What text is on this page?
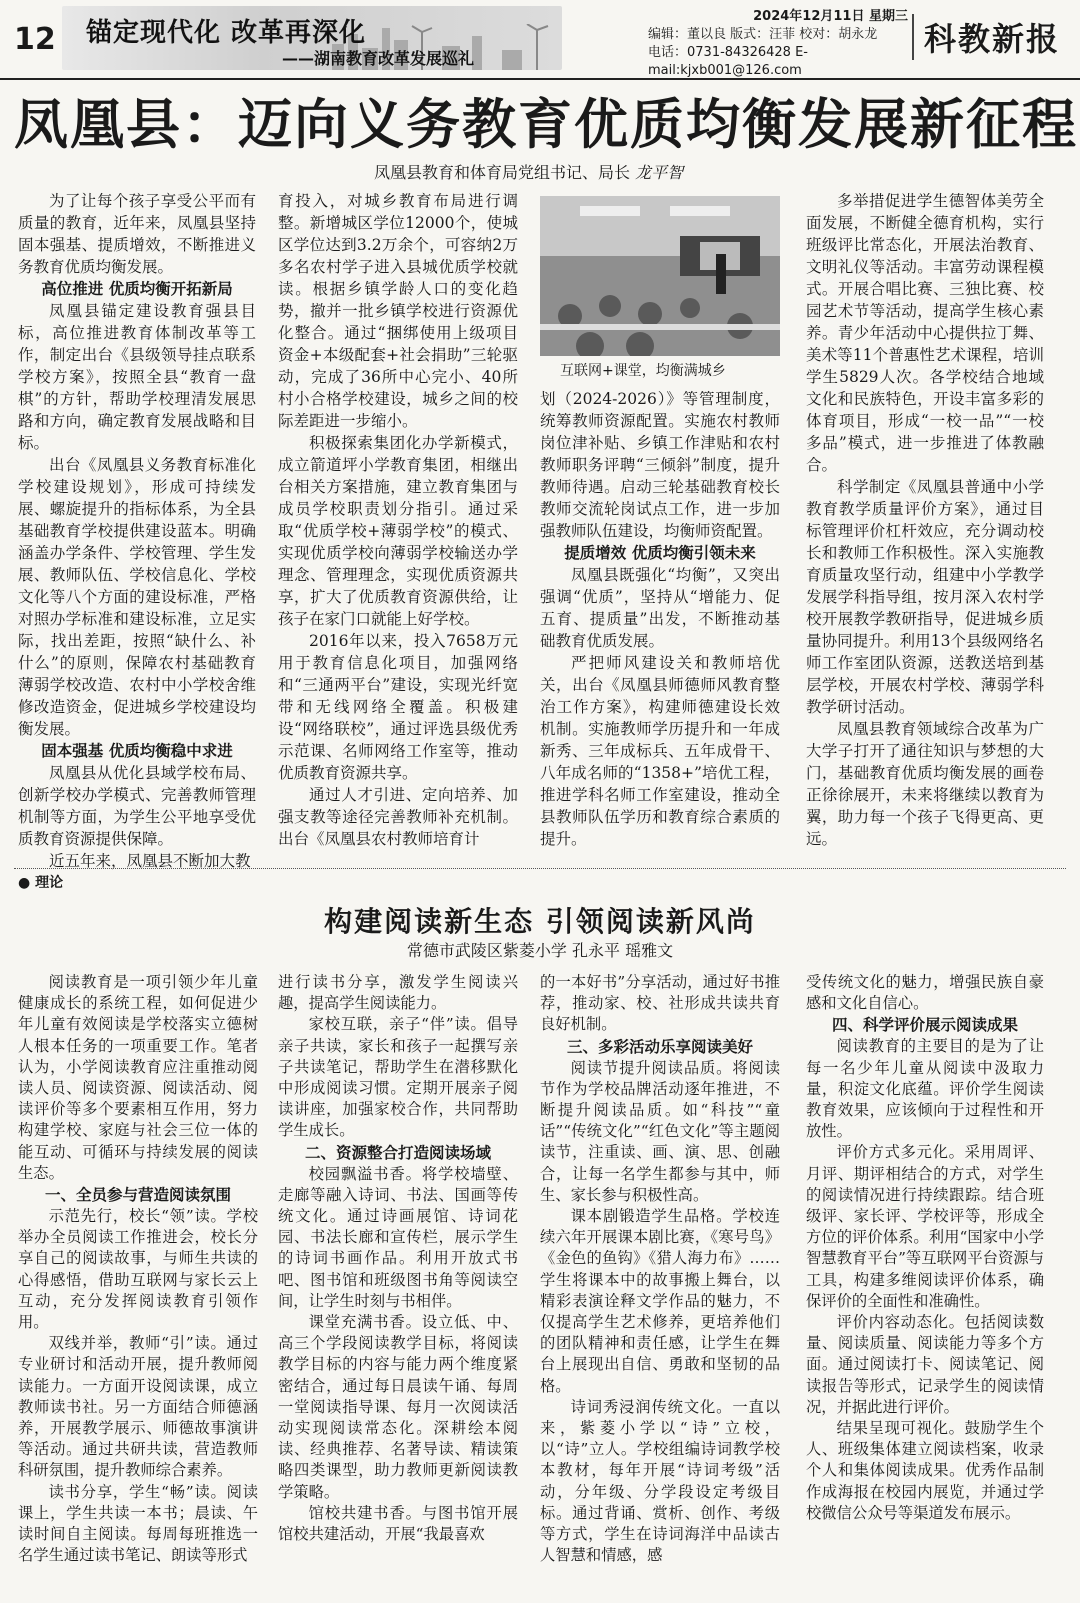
12 锚定现代化 改革再深化
——湖南教育改革发展巡礼
2024年12月11日 星期三
编辑：董以良 版式：汪菲 校对：胡永龙
电话：0731-84326428 E-mail:kjxb001@126.com
科教新报
凤凰县：迈向义务教育优质均衡发展新征程
凤凰县教育和体育局党组书记、局长 龙平智

为了让每个孩子享受公平而有质量的教育，近年来，凤凰县坚持固本强基、提质增效，不断推进义务教育优质均衡发展。

高位推进 优质均衡开拓新局

凤凰县锚定建设教育强县目标，高位推进教育体制改革等工作，制定出台《县级领导挂点联系学校方案》，按照全县“教育一盘棋”的方针，帮助学校理清发展思路和方向，确定教育发展战略和目标。

出台《凤凰县义务教育标准化学校建设规划》，形成可持续发展、螺旋提升的指标体系，为全县基础教育学校提供建设蓝本。明确涵盖办学条件、学校管理、学生发展、教师队伍、学校信息化、学校文化等八个方面的建设标准，严格对照办学标准和建设标准，立足实际，找出差距，按照“缺什么、补什么”的原则，保障农村基础教育薄弱学校改造、农村中小学校舍维修改造资金，促进城乡学校建设均衡发展。

固本强基 优质均衡稳中求进

凤凰县从优化县域学校布局、创新学校办学模式、完善教师管理机制等方面，为学生公平地享受优质教育资源提供保障。

近五年来，凤凰县不断加大教

育投入，对城乡教育布局进行调整。新增城区学位12000个，使城区学位达到3.2万余个，可容纳2万多名农村学子进入县城优质学校就读。根据乡镇学龄人口的变化趋势，撤并一批乡镇学校进行资源优化整合。通过“捆绑使用上级项目资金+本级配套+社会捐助”三轮驱动，完成了36所中心完小、40所村小合格学校建设，城乡之间的校际差距进一步缩小。

积极探索集团化办学新模式，成立箭道坪小学教育集团，相继出台相关方案措施，建立教育集团与成员学校职责划分指引。通过采取“优质学校+薄弱学校”的模式、实现优质学校向薄弱学校输送办学理念、管理理念，实现优质资源共享，扩大了优质教育资源供给，让孩子在家门口就能上好学校。

2016年以来，投入7658万元用于教育信息化项目，加强网络和“三通两平台”建设，实现光纤宽带和无线网络全覆盖。积极建设“网络联校”，通过评选县级优秀示范课、名师网络工作室等，推动优质教育资源共享。

通过人才引进、定向培养、加强支教等途径完善教师补充机制。出台《凤凰县农村教师培育计

互联网+课堂，均衡满城乡

划（2024-2026）》等管理制度，统筹教师资源配置。实施农村教师岗位津补贴、乡镇工作津贴和农村教师职务评聘“三倾斜”制度，提升教师待遇。启动三轮基础教育校长教师交流轮岗试点工作，进一步加强教师队伍建设，均衡师资配置。

提质增效 优质均衡引领未来

凤凰县既强化“均衡”，又突出强调“优质”，坚持从“增能力、促五育、提质量”出发，不断推动基础教育优质发展。

严把师风建设关和教师培优关，出台《凤凰县师德师风教育整治工作方案》，构建师德建设长效机制。实施教师学历提升和一年成新秀、三年成标兵、五年成骨干、八年成名师的“1358+”培优工程，推进学科名师工作室建设，推动全县教师队伍学历和教育综合素质的提升。

多举措促进学生德智体美劳全面发展，不断健全德育机构，实行班级评比常态化，开展法治教育、文明礼仪等活动。丰富劳动课程模式。开展合唱比赛、三独比赛、校园艺术节等活动，提高学生核心素养。青少年活动中心提供拉丁舞、美术等11个普惠性艺术课程，培训学生5829人次。各学校结合地域文化和民族特色，开设丰富多彩的体育项目，形成“一校一品”“一校多品”模式，进一步推进了体教融合。

科学制定《凤凰县普通中小学教育教学质量评价方案》，通过目标管理评价杠杆效应，充分调动校长和教师工作积极性。深入实施教育质量攻坚行动，组建中小学教学发展学科指导组，按月深入农村学校开展教学教研指导，促进城乡质量协同提升。利用13个县级网络名师工作室团队资源，送教送培到基层学校，开展农村学校、薄弱学科教学研讨活动。

凤凰县教育领域综合改革为广大学子打开了通往知识与梦想的大门，基础教育优质均衡发展的画卷正徐徐展开，未来将继续以教育为翼，助力每一个孩子飞得更高、更远。

● 理论
构建阅读新生态 引领阅读新风尚
常德市武陵区紫菱小学 孔永平 瑶雅文

阅读教育是一项引领少年儿童健康成长的系统工程，如何促进少年儿童有效阅读是学校落实立德树人根本任务的一项重要工作。笔者认为，小学阅读教育应注重推动阅读人员、阅读资源、阅读活动、阅读评价等多个要素相互作用，努力构建学校、家庭与社会三位一体的能互动、可循环与持续发展的阅读生态。

一、全员参与营造阅读氛围

示范先行，校长“领”读。学校举办全员阅读工作推进会，校长分享自己的阅读故事，与师生共读的心得感悟，借助互联网与家长云上互动，充分发挥阅读教育引领作用。

双线并举，教师“引”读。通过专业研讨和活动开展，提升教师阅读能力。一方面开设阅读课，成立教师读书社。另一方面结合师德涵养，开展教学展示、师德故事演讲等活动。通过共研共读，营造教师科研氛围，提升教师综合素养。

读书分享，学生“畅”读。阅读课上，学生共读一本书；晨读、午读时间自主阅读。每周每班推选一名学生通过读书笔记、朗读等形式

进行读书分享，激发学生阅读兴趣，提高学生阅读能力。

家校互联，亲子“伴”读。倡导亲子共读，家长和孩子一起撰写亲子共读笔记，帮助学生在潜移默化中形成阅读习惯。定期开展亲子阅读讲座，加强家校合作，共同帮助学生成长。

二、资源整合打造阅读场域

校园飘溢书香。将学校墙壁、走廊等融入诗词、书法、国画等传统文化。通过诗画展馆、诗词花园、书法长廊和宣传栏，展示学生的诗词书画作品。利用开放式书吧、图书馆和班级图书角等阅读空间，让学生时刻与书相伴。

课堂充满书香。设立低、中、高三个学段阅读教学目标，将阅读教学目标的内容与能力两个维度紧密结合，通过每日晨读午诵、每周一堂阅读指导课、每月一次阅读活动实现阅读常态化。深耕绘本阅读、经典推荐、名著导读、精读策略四类课型，助力教师更新阅读教学策略。

馆校共建书香。与图书馆开展馆校共建活动，开展“我最喜欢

的一本好书”分享活动，通过好书推荐，推动家、校、社形成共读共育良好机制。

三、多彩活动乐享阅读美好

阅读节提升阅读品质。将阅读节作为学校品牌活动逐年推进，不断提升阅读品质。如“科技”“童话”“传统文化”“红色文化”等主题阅读节，注重读、画、演、思、创融合，让每一名学生都参与其中，师生、家长参与积极性高。

课本剧锻造学生品格。学校连续六年开展课本剧比赛，《寒号鸟》《金色的鱼钩》《猎人海力布》……学生将课本中的故事搬上舞台，以精彩表演诠释文学作品的魅力，不仅提高学生艺术修养，更培养他们的团队精神和责任感，让学生在舞台上展现出自信、勇敢和坚韧的品格。

诗词秀浸润传统文化。一直以来，紫菱小学以“诗”立校，以“诗”立人。学校组编诗词教学校本教材，每年开展“诗词考级”活动，分年级、分学段设定考级目标。通过背诵、赏析、创作、考级等方式，学生在诗词海洋中品读古人智慧和情感，感

受传统文化的魅力，增强民族自豪感和文化自信心。

四、科学评价展示阅读成果

阅读教育的主要目的是为了让每一名少年儿童从阅读中汲取力量，积淀文化底蕴。评价学生阅读教育效果，应该倾向于过程性和开放性。

评价方式多元化。采用周评、月评、期评相结合的方式，对学生的阅读情况进行持续跟踪。结合班级评、家长评、学校评等，形成全方位的评价体系。利用“国家中小学智慧教育平台”等互联网平台资源与工具，构建多维阅读评价体系，确保评价的全面性和准确性。

评价内容动态化。包括阅读数量、阅读质量、阅读能力等多个方面。通过阅读打卡、阅读笔记、阅读报告等形式，记录学生的阅读情况，并据此进行评价。

结果呈现可视化。鼓励学生个人、班级集体建立阅读档案，收录个人和集体阅读成果。优秀作品制作成海报在校园内展览，并通过学校微信公众号等渠道发布展示。
